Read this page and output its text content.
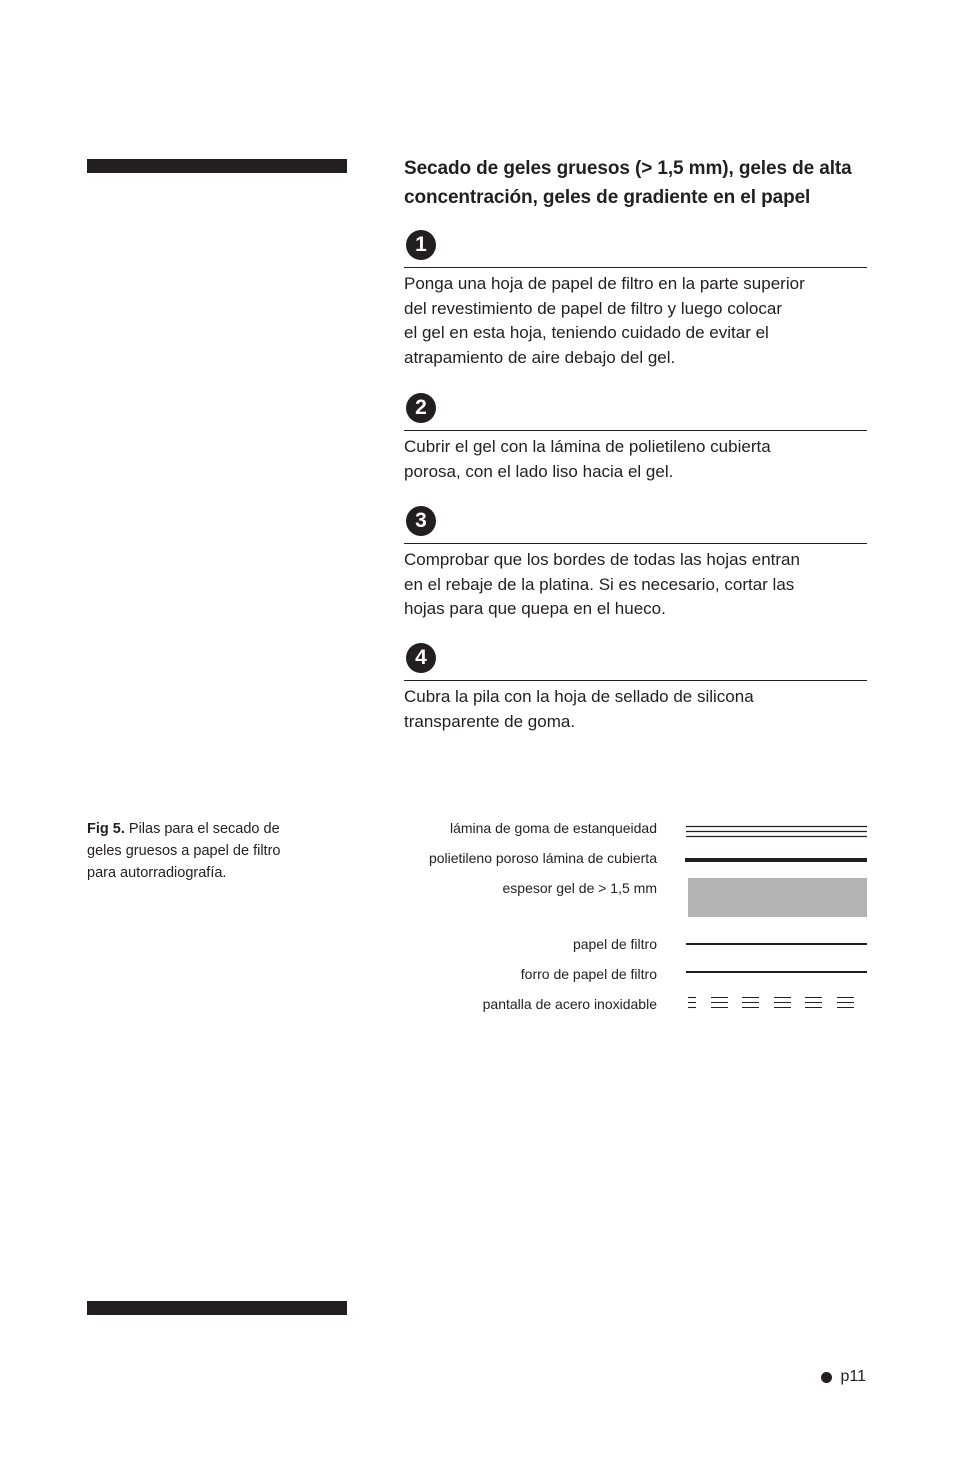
Secado de geles gruesos (> 1,5 mm), geles de alta concentración, geles de gradiente en el papel
1

Ponga una hoja de papel de filtro en la parte superior
del revestimiento de papel de filtro y luego colocar
el gel en esta hoja, teniendo cuidado de evitar el
atrapamiento de aire debajo del gel.

2

Cubrir el gel con la lámina de polietileno cubierta
porosa, con el lado liso hacia el gel.

3

Comprobar que los bordes de todas las hojas entran
en el rebaje de la platina. Si es necesario, cortar las
hojas para que quepa en el hueco.

4

Cubra la pila con la hoja de sellado de silicona
transparente de goma.

Fig 5. Pilas para el secado de
geles gruesos a papel de filtro
para autorradiografía.

lámina de goma de estanqueidad
polietileno poroso lámina de cubierta
espesor gel de > 1,5 mm
papel de filtro
forro de papel de filtro
pantalla de acero inoxidable
p11
